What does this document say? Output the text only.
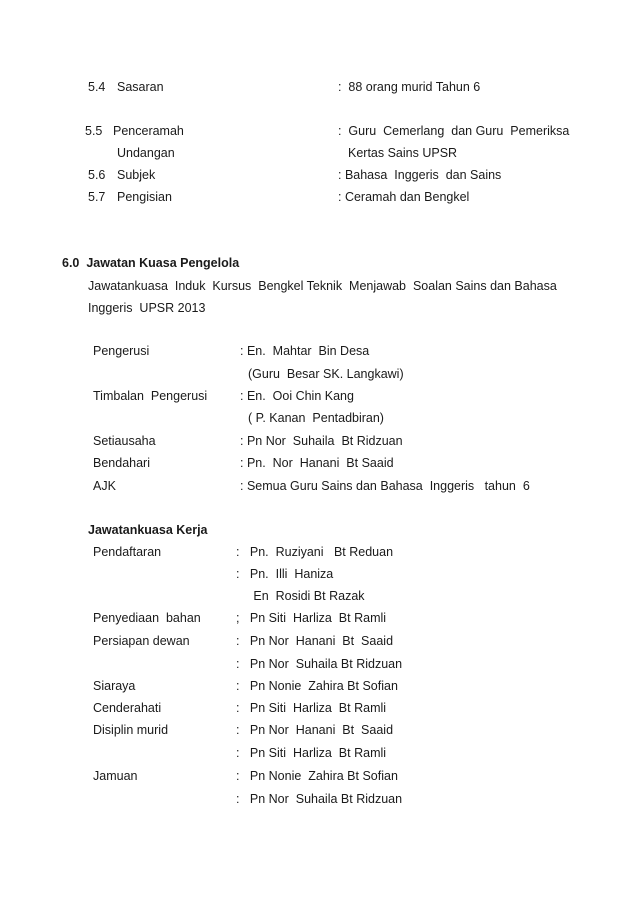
5.4 Sasaran	:  88 orang murid Tahun 6
5.5 Penceramah	:  Guru  Cemerlang  dan Guru  Pemeriksa
Undangan	Kertas Sains UPSR
5.6 Subjek	: Bahasa  Inggeris  dan Sains
5.7 Pengisian	: Ceramah dan Bengkel
6.0  Jawatan Kuasa Pengelola
Jawatankuasa  Induk  Kursus  Bengkel Teknik  Menjawab  Soalan Sains dan Bahasa
Inggeris  UPSR 2013
Pengerusi	: En.  Mahtar  Bin Desa
(Guru  Besar SK. Langkawi)
Timbalan  Pengerusi	: En.  Ooi Chin Kang
( P. Kanan  Pentadbiran)
Setiausaha	: Pn Nor  Suhaila  Bt Ridzuan
Bendahari	: Pn.  Nor  Hanani  Bt Saaid
AJK	: Semua Guru Sains dan Bahasa  Inggeris   tahun  6
Jawatankuasa Kerja
Pendaftaran	:   Pn.  Ruziyani   Bt Reduan
:   Pn.  Illi  Haniza
En  Rosidi Bt Razak
Penyediaan  bahan	;   Pn Siti  Harliza  Bt Ramli
Persiapan dewan	:   Pn Nor  Hanani  Bt  Saaid
:   Pn Nor  Suhaila Bt Ridzuan
Siaraya	:   Pn Nonie  Zahira Bt Sofian
Cenderahati	:   Pn Siti  Harliza  Bt Ramli
Disiplin murid	:   Pn Nor  Hanani  Bt  Saaid
:   Pn Siti  Harliza  Bt Ramli
Jamuan	:   Pn Nonie  Zahira Bt Sofian
:   Pn Nor  Suhaila Bt Ridzuan
